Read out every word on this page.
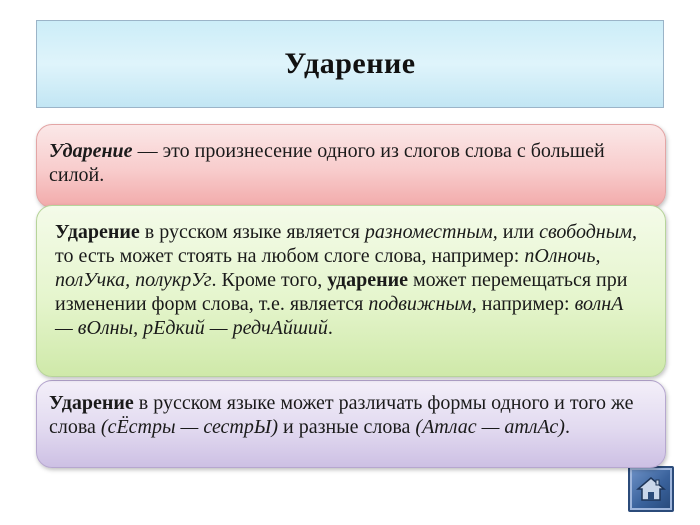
Ударение

Ударение — это произнесение одного из слогов слова с большей силой.

Ударение в русском языке является разноместным, или свободным, то есть может стоять на любом слоге слова, например: пОлночь, полУчка, полукрУг. Кроме того, ударение может перемещаться при изменении форм слова, т.е. является подвижным, например: волнА — вОлны, рЕдкий — редчАйший.

Ударение в русском языке может различать формы одного и того же слова (сЁстры — сестрЫ) и разные слова (Атлас — атлАс).
